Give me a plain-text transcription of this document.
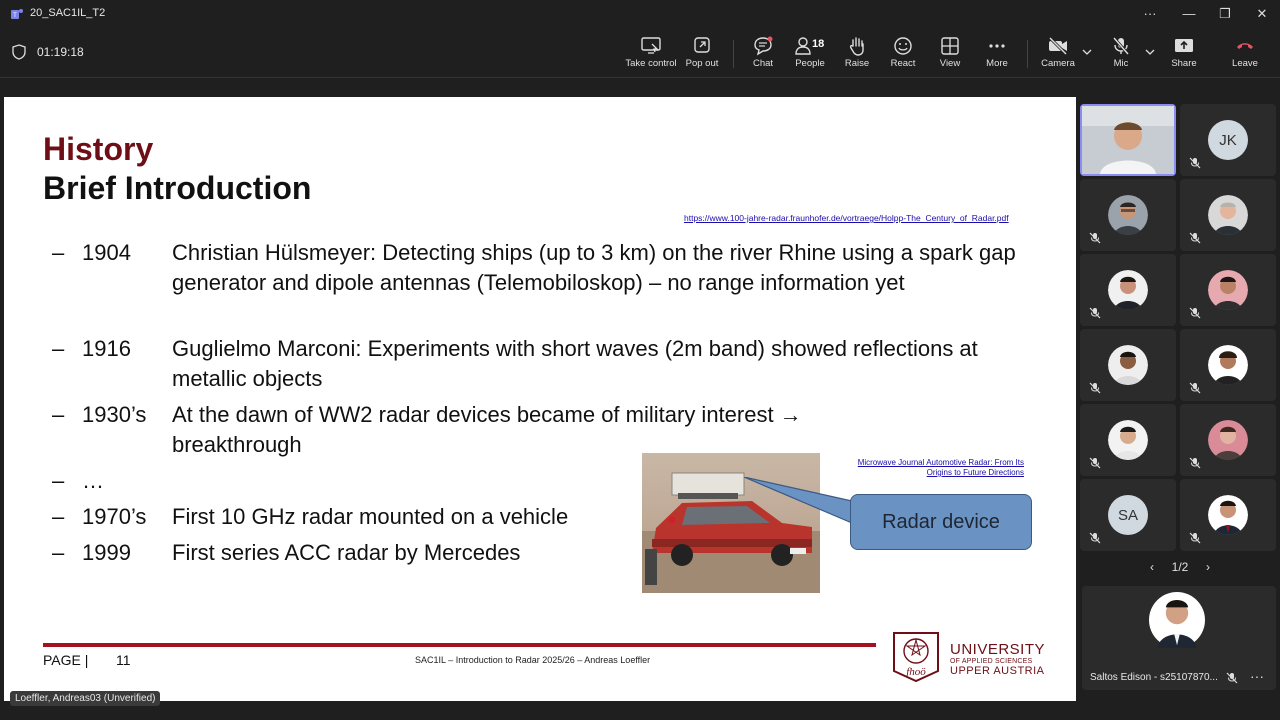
T 20_SAC1IL_T2	···	—	❐	✕
01:19:18
Take control Pop out	Chat
18
People Raise React	View	More	Camera	Mic	Share	Leave
History
Brief Introduction
https://www.100-jahre-radar.fraunhofer.de/vortraege/Holpp-The_Century_of_Radar.pdf
– 1904 Christian Hülsmeyer: Detecting ships (up to 3 km) on the river Rhine using a spark gap generator and dipole antennas (Telemobiloskop) – no range information yet
– 1916 Guglielmo Marconi: Experiments with short waves (2m band) showed reflections at metallic objects
– 1930’s At the dawn of WW2 radar devices became of military interest → breakthrough
– …
– 1970’s First 10 GHz radar mounted on a vehicle
– 1999 First series ACC radar by Mercedes
Microwave Journal Automotive Radar: From Its Origins to Future Directions
Radar device
PAGE | 11	SAC1IL – Introduction to Radar 2025/26 – Andreas Loeffler
fhoö
UNIVERSITY
OF APPLIED SCIENCES
UPPER AUSTRIA
Loeffler, Andreas03 (Unverified)
JK
SA
‹ 1/2 ›
Saltos Edison - s25107870... ···
